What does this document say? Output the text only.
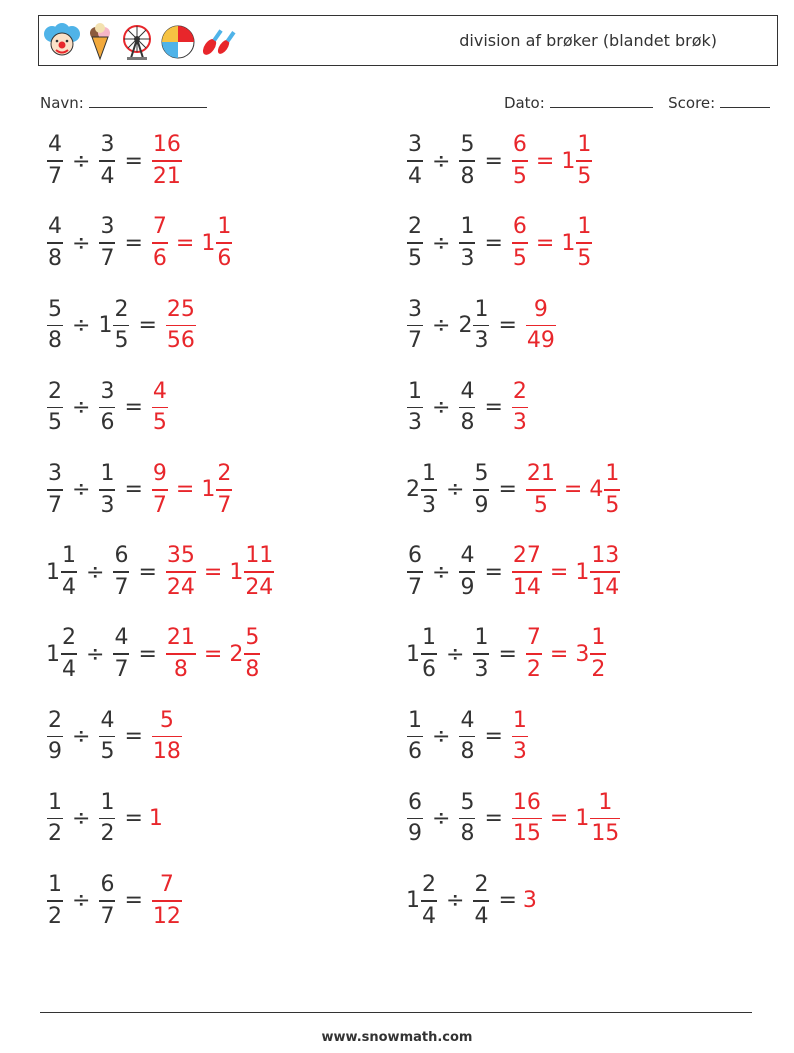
division af brøker (blandet brøk)
Navn:	Dato:	Score:
$\frac{4}{7} \div \frac{3}{4} = \frac{16}{21}$	$\frac{3}{4} \div \frac{5}{8} = \frac{6}{5} = 1 \frac{1}{5}$
$\frac{4}{8} \div \frac{3}{7} = \frac{7}{6} = 1 \frac{1}{6}$	$\frac{2}{5} \div \frac{1}{3} = \frac{6}{5} = 1 \frac{1}{5}$
$\frac{5}{8} \div 1 \frac{2}{5} = \frac{25}{56}$	$\frac{3}{7} \div 2 \frac{1}{3} = \frac{9}{49}$
$\frac{2}{5} \div \frac{3}{6} = \frac{4}{5}$	$\frac{1}{3} \div \frac{4}{8} = \frac{2}{3}$
$\frac{3}{7} \div \frac{1}{3} = \frac{9}{7} = 1 \frac{2}{7}$	$2 \frac{1}{3} \div \frac{5}{9} = \frac{21}{5} = 4 \frac{1}{5}$
$1 \frac{1}{4} \div \frac{6}{7} = \frac{35}{24} = 1 \frac{11}{24}$	$\frac{6}{7} \div \frac{4}{9} = \frac{27}{14} = 1 \frac{13}{14}$
$1 \frac{2}{4} \div \frac{4}{7} = \frac{21}{8} = 2 \frac{5}{8}$	$1 \frac{1}{6} \div \frac{1}{3} = \frac{7}{2} = 3 \frac{1}{2}$
$\frac{2}{9} \div \frac{4}{5} = \frac{5}{18}$	$\frac{1}{6} \div \frac{4}{8} = \frac{1}{3}$
$\frac{1}{2} \div \frac{1}{2} = 1$	$\frac{6}{9} \div \frac{5}{8} = \frac{16}{15} = 1 \frac{1}{15}$
$\frac{1}{2} \div \frac{6}{7} = \frac{7}{12}$	$1 \frac{2}{4} \div \frac{2}{4} = 3$
www.snowmath.com
